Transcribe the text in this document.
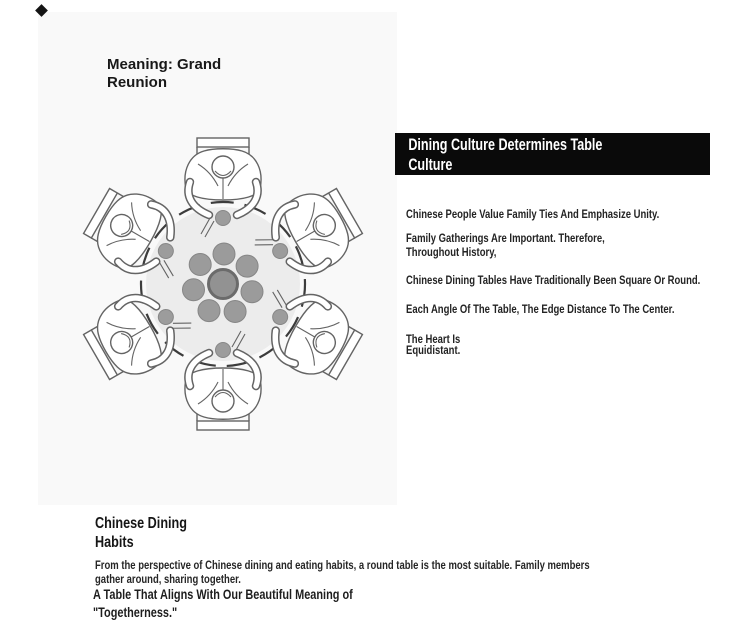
Meaning: Grand
Reunion
Dining Culture Determines Table
Culture
Chinese People Value Family Ties And Emphasize Unity.
Family Gatherings Are Important. Therefore,
Throughout History,
Chinese Dining Tables Have Traditionally Been Square Or Round.
Each Angle Of The Table, The Edge Distance To The Center.
The Heart Is
Equidistant.
Chinese Dining
Habits
From the perspective of Chinese dining and eating habits, a round table is the most suitable. Family members
gather around, sharing together.
A Table That Aligns With Our Beautiful Meaning of
"Togetherness."
